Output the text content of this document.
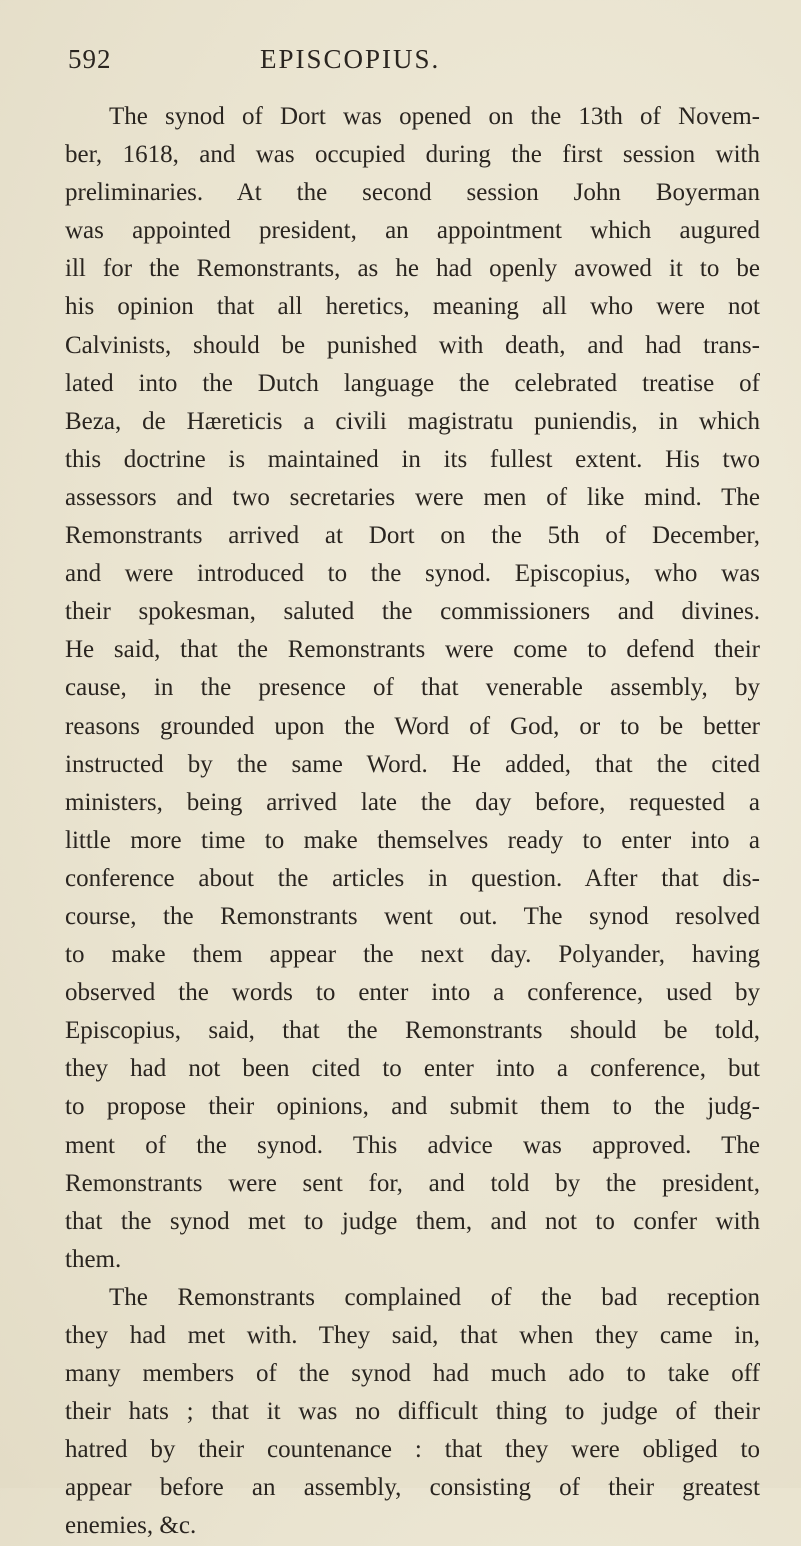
592	EPISCOPIUS.
The synod of Dort was opened on the 13th of Novem-
ber, 1618, and was occupied during the first session with
preliminaries. At the second session John Boyerman
was appointed president, an appointment which augured
ill for the Remonstrants, as he had openly avowed it to be
his opinion that all heretics, meaning all who were not
Calvinists, should be punished with death, and had trans-
lated into the Dutch language the celebrated treatise of
Beza, de Hæreticis a civili magistratu puniendis, in which
this doctrine is maintained in its fullest extent. His two
assessors and two secretaries were men of like mind. The
Remonstrants arrived at Dort on the 5th of December,
and were introduced to the synod. Episcopius, who was
their spokesman, saluted the commissioners and divines.
He said, that the Remonstrants were come to defend their
cause, in the presence of that venerable assembly, by
reasons grounded upon the Word of God, or to be better
instructed by the same Word. He added, that the cited
ministers, being arrived late the day before, requested a
little more time to make themselves ready to enter into a
conference about the articles in question. After that dis-
course, the Remonstrants went out. The synod resolved
to make them appear the next day. Polyander, having
observed the words to enter into a conference, used by
Episcopius, said, that the Remonstrants should be told,
they had not been cited to enter into a conference, but
to propose their opinions, and submit them to the judg-
ment of the synod. This advice was approved. The
Remonstrants were sent for, and told by the president,
that the synod met to judge them, and not to confer with
them.
The Remonstrants complained of the bad reception
they had met with. They said, that when they came in,
many members of the synod had much ado to take off
their hats ; that it was no difficult thing to judge of their
hatred by their countenance : that they were obliged to
appear before an assembly, consisting of their greatest
enemies, &c.
